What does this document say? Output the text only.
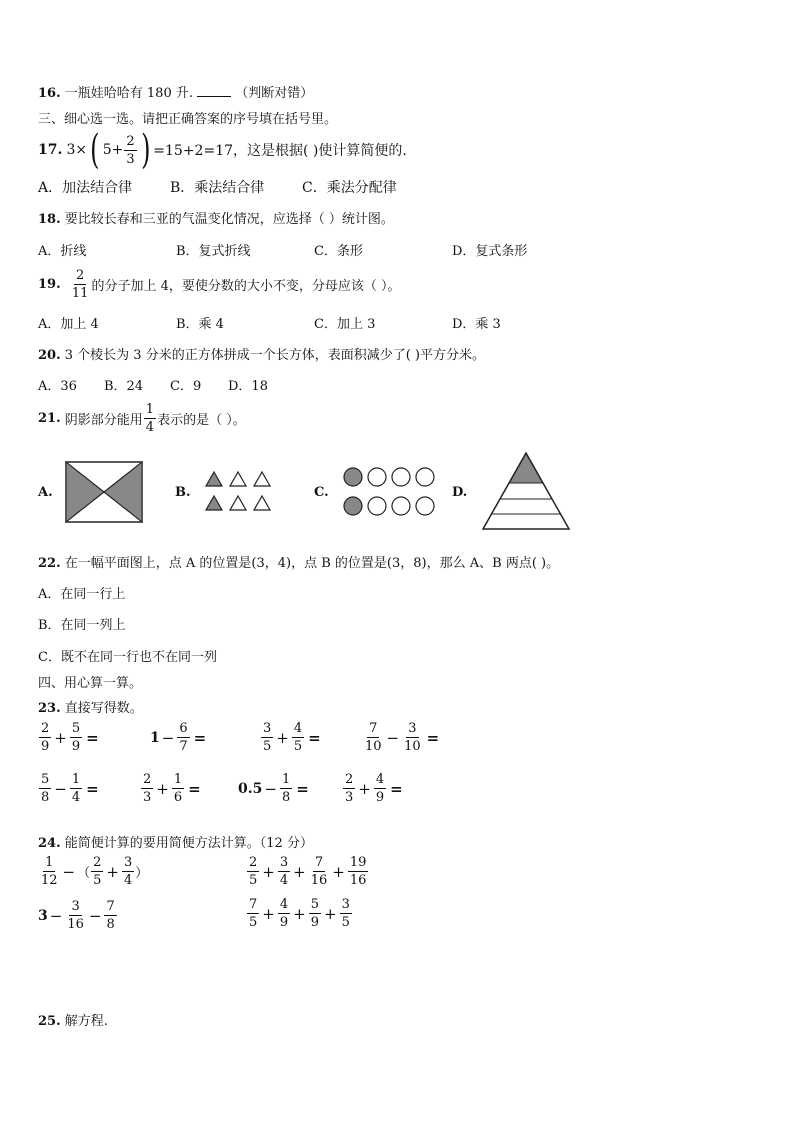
16. 一瓶娃哈哈有 180 升.	（判断对错）
三、细心选一选。请把正确答案的序号填在括号里。
17.
3× ( $5+ \frac{2}{3}$ ) =15+2=17，这是根据( )使计算简便的.
A．加法结合律	B．乘法结合律	C．乘法分配律
18. 要比较长春和三亚的气温变化情况，应选择（ ）统计图。
A．折线	B．复式折线	C．条形	D．复式条形
19.
$\frac{2}{11}$ 的分子加上 4，要使分数的大小不变，分母应该（ ）。
A．加上 4	B．乘 4	C．加上 3	D．乘 3
20. 3 个棱长为 3 分米的正方体拼成一个长方体，表面积减少了( )平方分米。
A．36 B．24 C．9 D．18
21.
阴影部分能用 $\frac{1}{4}$ 表示的是（ ）。
A.	B.	C.	D.
22. 在一幅平面图上，点 A 的位置是(3，4)，点 B 的位置是(3，8)，那么 A、B 两点( )。
A．在同一行上
B．在同一列上
C．既不在同一行也不在同一列
四、用心算一算。
23. 直接写得数。
$\frac{2}{9} + \frac{5}{9}$ =	$1 - \frac{6}{7}$ =	$\frac{3}{5} + \frac{4}{5}$ =	$\frac{7}{10} - \frac{3}{10}$ =
$\frac{5}{8} - \frac{1}{4}$ =	$\frac{2}{3} + \frac{1}{6}$ =	$0.5 - \frac{1}{8}$ =	$\frac{2}{3} + \frac{4}{9}$ =
24. 能简便计算的要用简便方法计算。（12 分）
$\frac{1}{12}$ − （ $\frac{2}{5} + \frac{3}{4}$ ）	$\frac{2}{5} + \frac{3}{4} + \frac{7}{16} + \frac{19}{16}$
$3 - \frac{3}{16} - \frac{7}{8}$	$\frac{7}{5} + \frac{4}{9} + \frac{5}{9} + \frac{3}{5}$
25. 解方程.
